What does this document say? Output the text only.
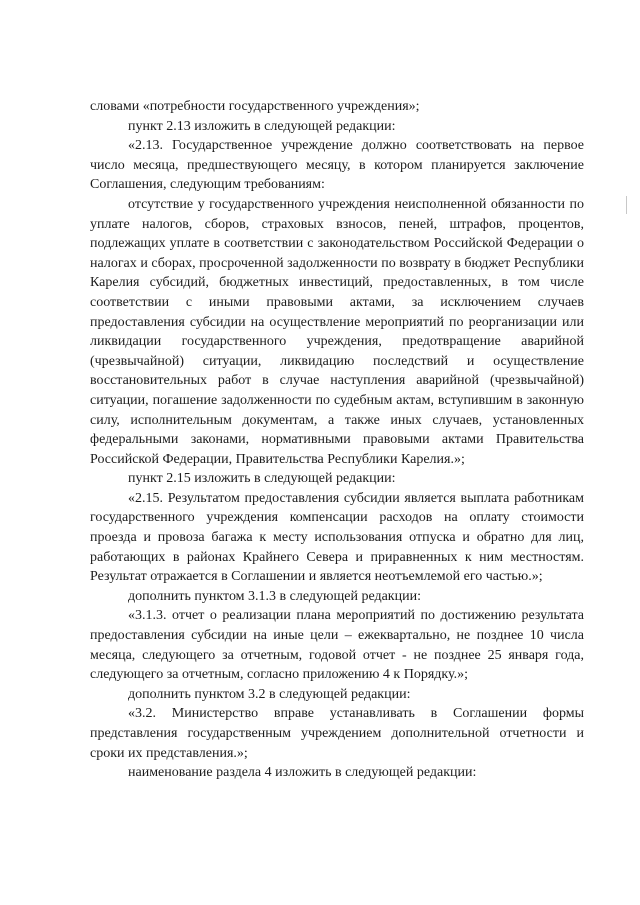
словами «потребности государственного учреждения»;

пункт 2.13 изложить в следующей редакции:

«2.13. Государственное учреждение должно соответствовать на первое число месяца, предшествующего месяцу, в котором планируется заключение Соглашения, следующим требованиям:

отсутствие у государственного учреждения неисполненной обязанности по уплате налогов, сборов, страховых взносов, пеней, штрафов, процентов, подлежащих уплате в соответствии с законодательством Российской Федерации о налогах и сборах, просроченной задолженности по возврату в бюджет Республики Карелия субсидий, бюджетных инвестиций, предоставленных, в том числе соответствии с иными правовыми актами, за исключением случаев предоставления субсидии на осуществление мероприятий по реорганизации или ликвидации государственного учреждения, предотвращение аварийной (чрезвычайной) ситуации, ликвидацию последствий и осуществление восстановительных работ в случае наступления аварийной (чрезвычайной) ситуации, погашение задолженности по судебным актам, вступившим в законную силу, исполнительным документам, а также иных случаев, установленных федеральными законами, нормативными правовыми актами Правительства Российской Федерации, Правительства Республики Карелия.»;

пункт 2.15 изложить в следующей редакции:

«2.15. Результатом предоставления субсидии является выплата работникам государственного учреждения компенсации расходов на оплату стоимости проезда и провоза багажа к месту использования отпуска и обратно для лиц, работающих в районах Крайнего Севера и приравненных к ним местностям. Результат отражается в Соглашении и является неотъемлемой его частью.»;

дополнить пунктом 3.1.3 в следующей редакции:

«3.1.3. отчет о реализации плана мероприятий по достижению результата предоставления субсидии на иные цели – ежеквартально, не позднее 10 числа месяца, следующего за отчетным, годовой отчет - не позднее 25 января года, следующего за отчетным, согласно приложению 4 к Порядку.»;

дополнить пунктом 3.2 в следующей редакции:

«3.2. Министерство вправе устанавливать в Соглашении формы представления государственным учреждением дополнительной отчетности и сроки их представления.»;

наименование раздела 4 изложить в следующей редакции:
